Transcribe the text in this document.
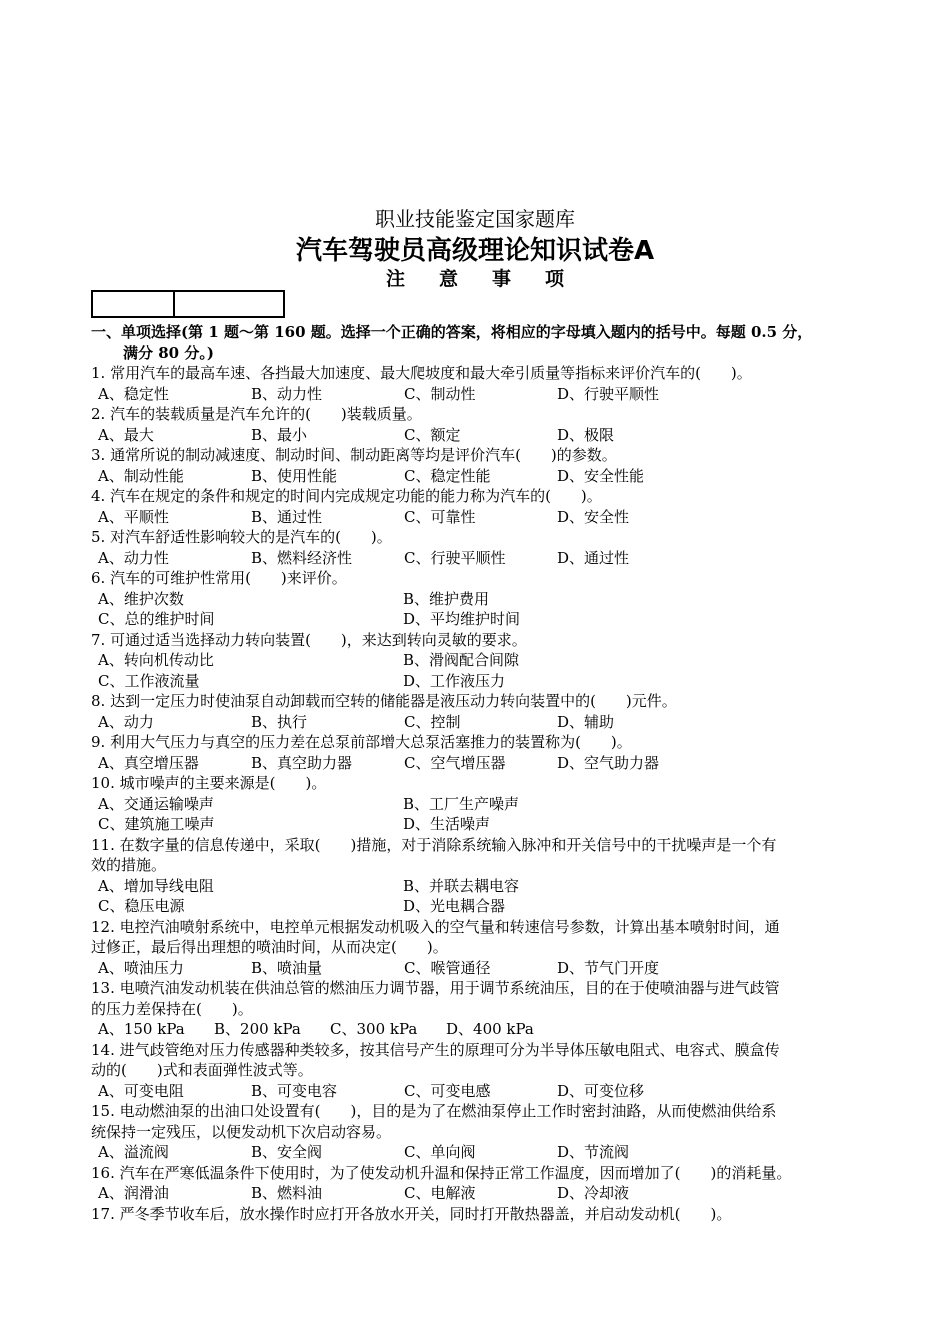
职业技能鉴定国家题库
汽车驾驶员高级理论知识试卷A
注意事项
一、单项选择(第 1 题～第 160 题。选择一个正确的答案，将相应的字母填入题内的括号中。每题 0.5 分，
满分 80 分。)
1. 常用汽车的最高车速、各挡最大加速度、最大爬坡度和最大牵引质量等指标来评价汽车的(　　)。
A、稳定性	B、动力性	C、制动性	D、行驶平顺性
2. 汽车的装载质量是汽车允许的(　　)装载质量。
A、最大	B、最小	C、额定	D、极限
3. 通常所说的制动减速度、制动时间、制动距离等均是评价汽车(　　)的参数。
A、制动性能	B、使用性能	C、稳定性能	D、安全性能
4. 汽车在规定的条件和规定的时间内完成规定功能的能力称为汽车的(　　)。
A、平顺性	B、通过性	C、可靠性	D、安全性
5. 对汽车舒适性影响较大的是汽车的(　　)。
A、动力性	B、燃料经济性	C、行驶平顺性	D、通过性
6. 汽车的可维护性常用(　　)来评价。
A、维护次数	B、维护费用
C、总的维护时间	D、平均维护时间
7. 可通过适当选择动力转向装置(　　)，来达到转向灵敏的要求。
A、转向机传动比	B、滑阀配合间隙
C、工作液流量	D、工作液压力
8. 达到一定压力时使油泵自动卸载而空转的储能器是液压动力转向装置中的(　　)元件。
A、动力	B、执行	C、控制	D、辅助
9. 利用大气压力与真空的压力差在总泵前部增大总泵活塞推力的装置称为(　　)。
A、真空增压器	B、真空助力器	C、空气增压器	D、空气助力器
10. 城市噪声的主要来源是(　　)。
A、交通运输噪声	B、工厂生产噪声
C、建筑施工噪声	D、生活噪声
11. 在数字量的信息传递中，采取(　　)措施，对于消除系统输入脉冲和开关信号中的干扰噪声是一个有
效的措施。
A、增加导线电阻	B、并联去耦电容
C、稳压电源	D、光电耦合器
12. 电控汽油喷射系统中，电控单元根据发动机吸入的空气量和转速信号参数，计算出基本喷射时间，通
过修正，最后得出理想的喷油时间，从而决定(　　)。
A、喷油压力	B、喷油量	C、喉管通径	D、节气门开度
13. 电喷汽油发动机装在供油总管的燃油压力调节器，用于调节系统油压，目的在于使喷油器与进气歧管
的压力差保持在(　　)。
A、150 kPa	B、200 kPa	C、300 kPa	D、400 kPa
14. 进气歧管绝对压力传感器种类较多，按其信号产生的原理可分为半导体压敏电阻式、电容式、膜盒传
动的(　　)式和表面弹性波式等。
A、可变电阻	B、可变电容	C、可变电感	D、可变位移
15. 电动燃油泵的出油口处设置有(　　)，目的是为了在燃油泵停止工作时密封油路，从而使燃油供给系
统保持一定残压，以便发动机下次启动容易。
A、溢流阀	B、安全阀	C、单向阀	D、节流阀
16. 汽车在严寒低温条件下使用时，为了使发动机升温和保持正常工作温度，因而增加了(　　)的消耗量。
A、润滑油	B、燃料油	C、电解液	D、冷却液
17. 严冬季节收车后，放水操作时应打开各放水开关，同时打开散热器盖，并启动发动机(　　)。
